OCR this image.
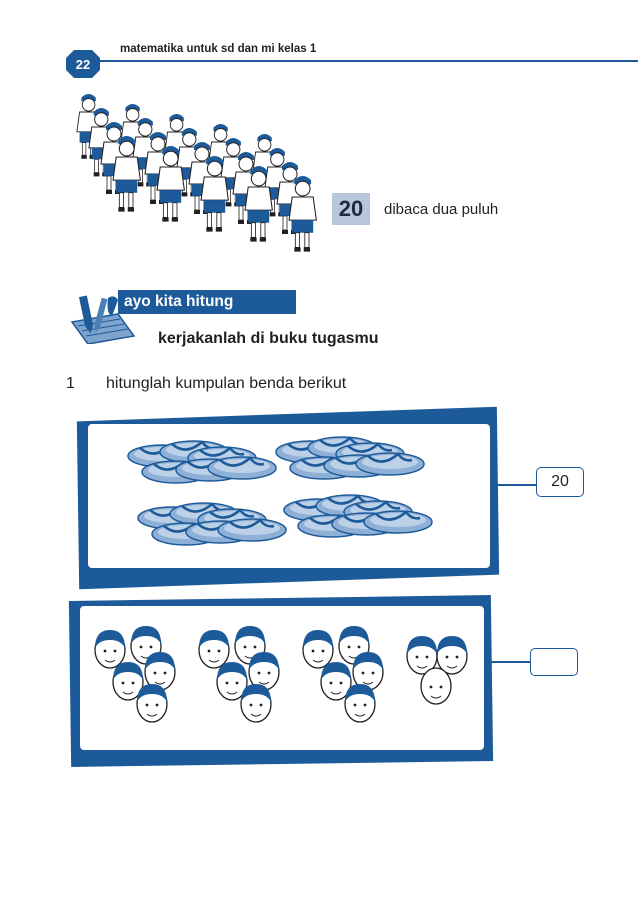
22
matematika untuk sd dan mi kelas 1
20	dibaca dua puluh
ayo kita hitung
kerjakanlah di buku tugasmu
1 hitunglah kumpulan benda berikut
20
